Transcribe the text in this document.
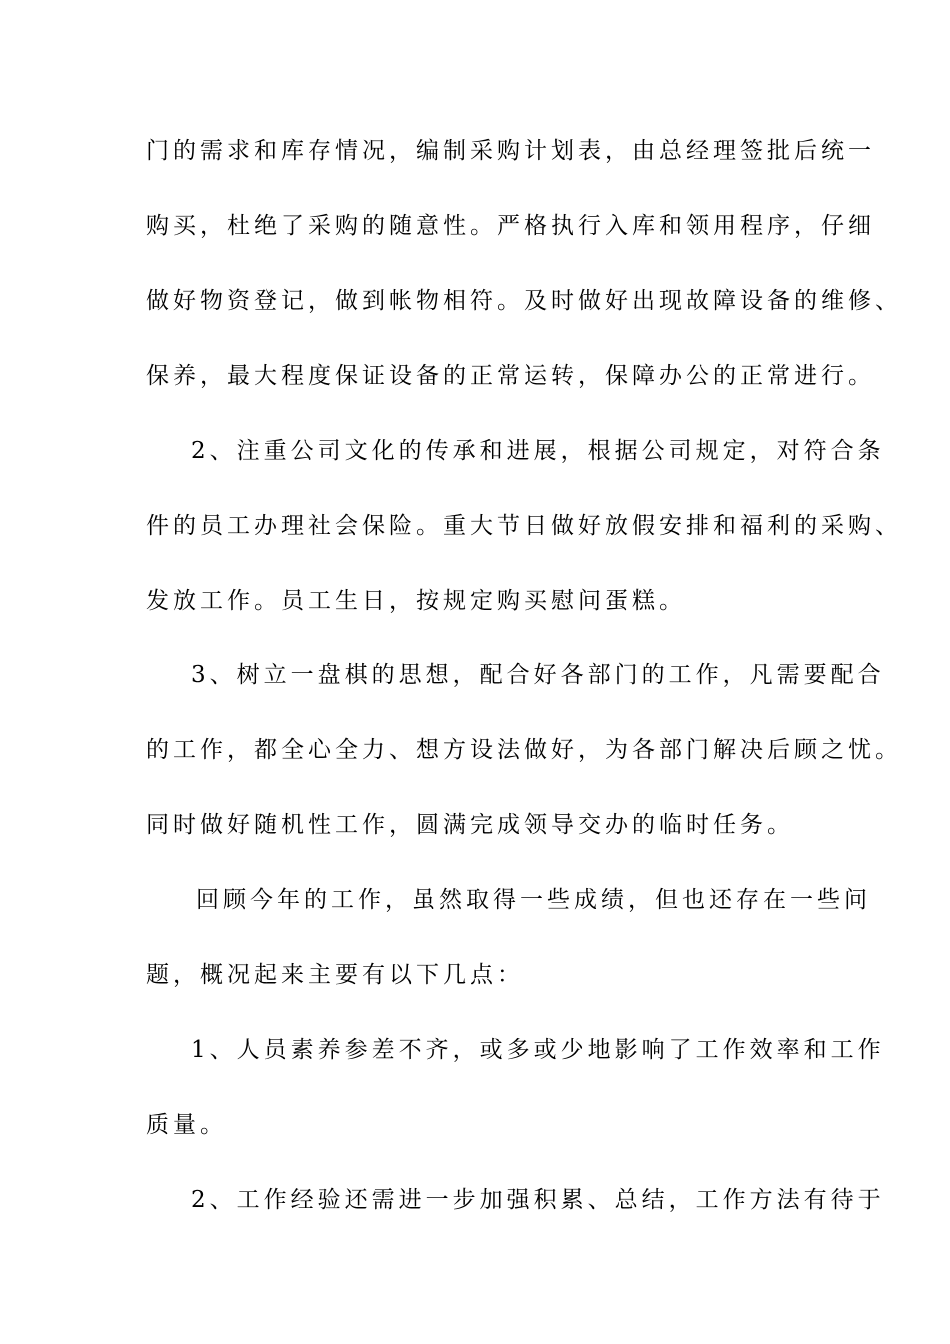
门的需求和库存情况，编制采购计划表，由总经理签批后统一
购买，杜绝了采购的随意性。严格执行入库和领用程序，仔细
做好物资登记，做到帐物相符。及时做好出现故障设备的维修、
保养，最大程度保证设备的正常运转，保障办公的正常进行。
2、注重公司文化的传承和进展，根据公司规定，对符合条
件的员工办理社会保险。重大节日做好放假安排和福利的采购、
发放工作。员工生日，按规定购买慰问蛋糕。
3、树立一盘棋的思想，配合好各部门的工作，凡需要配合
的工作，都全心全力、想方设法做好，为各部门解决后顾之忧。
同时做好随机性工作，圆满完成领导交办的临时任务。
回顾今年的工作，虽然取得一些成绩，但也还存在一些问
题，概况起来主要有以下几点：
1、人员素养参差不齐，或多或少地影响了工作效率和工作
质量。
2、工作经验还需进一步加强积累、总结，工作方法有待于
